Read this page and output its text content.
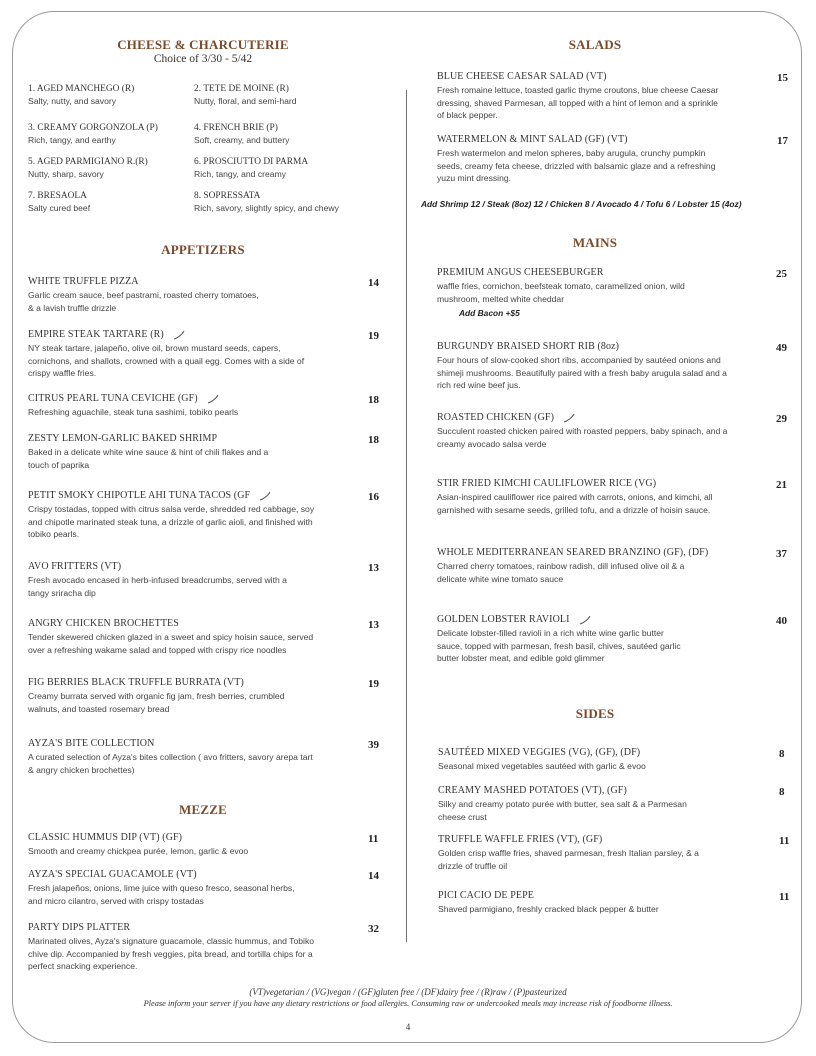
CHEESE & CHARCUTERIE
Choice of 3/30 - 5/42
1. AGED MANCHEGO (R)
Salty, nutty, and savory
2. TETE DE MOINE (R)
Nutty, floral, and semi-hard
3. CREAMY GORGONZOLA (P)
Rich, tangy, and earthy
4. FRENCH BRIE (P)
Soft, creamy, and buttery
5. AGED PARMIGIANO R.(R)
Nutty, sharp, savory
6. PROSCIUTTO DI PARMA
Rich, tangy, and creamy
7. BRESAOLA
Salty cured beef
8. SOPRESSATA
Rich, savory, slightly spicy, and chewy
APPETIZERS
WHITE TRUFFLE PIZZA
Garlic cream sauce, beef pastrami, roasted cherry tomatoes,
& a lavish truffle drizzle
14
EMPIRE STEAK TARTARE (R)
NY steak tartare, jalapeño, olive oil, brown mustard seeds, capers,
cornichons, and shallots, crowned with a quail egg. Comes with a side of
crispy waffle fries.
19
CITRUS PEARL TUNA CEVICHE (GF)
Refreshing aguachile, steak tuna sashimi, tobiko pearls
18
ZESTY LEMON-GARLIC BAKED SHRIMP
Baked in a delicate white wine sauce & hint of chili flakes and a
touch of paprika
18
PETIT SMOKY CHIPOTLE AHI TUNA TACOS (GF
Crispy tostadas, topped with citrus salsa verde, shredded red cabbage, soy
and chipotle marinated steak tuna, a drizzle of garlic aioli, and finished with
tobiko pearls.
16
AVO FRITTERS (VT)
Fresh avocado encased in herb-infused breadcrumbs, served with a
tangy sriracha dip
13
ANGRY CHICKEN BROCHETTES
Tender skewered chicken glazed in a sweet and spicy hoisin sauce, served
over a refreshing wakame salad and topped with crispy rice noodles
13
FIG BERRIES BLACK TRUFFLE BURRATA (VT)
Creamy burrata served with organic fig jam, fresh berries, crumbled
walnuts, and toasted rosemary bread
19
AYZA'S BITE COLLECTION
A curated selection of Ayza's bites collection ( avo fritters, savory arepa tart
& angry chicken brochettes)
39
MEZZE
CLASSIC HUMMUS DIP (VT) (GF)
Smooth and creamy chickpea purée, lemon, garlic & evoo
11
AYZA'S SPECIAL GUACAMOLE (VT)
Fresh jalapeños, onions, lime juice with queso fresco, seasonal herbs,
and micro cilantro, served with crispy tostadas
14
PARTY DIPS PLATTER
Marinated olives, Ayza's signature guacamole, classic hummus, and Tobiko
chive dip. Accompanied by fresh veggies, pita bread, and tortilla chips for a
perfect snacking experience.
32
SALADS
BLUE CHEESE CAESAR SALAD (VT)
Fresh romaine lettuce, toasted garlic thyme croutons, blue cheese Caesar
dressing, shaved Parmesan, all topped with a hint of lemon and a sprinkle
of black pepper.
15
WATERMELON & MINT SALAD (GF) (VT)
Fresh watermelon and melon spheres, baby arugula, crunchy pumpkin
seeds, creamy feta cheese, drizzled with balsamic glaze and a refreshing
yuzu mint dressing.
17
Add Shrimp 12 / Steak (8oz) 12 / Chicken 8 / Avocado 4 / Tofu 6 / Lobster 15 (4oz)
MAINS
PREMIUM ANGUS CHEESEBURGER
waffle fries, cornichon, beefsteak tomato, caramelized onion, wild
mushroom, melted white cheddar
25
BURGUNDY BRAISED SHORT RIB (8oz)
Four hours of slow-cooked short ribs, accompanied by sautéed onions and
shimeji mushrooms. Beautifully paired with a fresh baby arugula salad and a
rich red wine beef jus.
49
ROASTED CHICKEN (GF)
Succulent roasted chicken paired with roasted peppers, baby spinach, and a
creamy avocado salsa verde
29
STIR FRIED KIMCHI CAULIFLOWER RICE (VG)
Asian-inspired cauliflower rice paired with carrots, onions, and kimchi, all
garnished with sesame seeds, grilled tofu, and a drizzle of hoisin sauce.
21
WHOLE MEDITERRANEAN SEARED BRANZINO (GF), (DF)
Charred cherry tomatoes, rainbow radish, dill infused olive oil & a
delicate white wine tomato sauce
37
GOLDEN LOBSTER RAVIOLI
Delicate lobster-filled ravioli in a rich white wine garlic butter
sauce, topped with parmesan, fresh basil, chives, sautéed garlic
butter lobster meat, and edible gold glimmer
40
Add Bacon +$5
SIDES
SAUTÉED MIXED VEGGIES (VG), (GF), (DF)
Seasonal mixed vegetables sautéed with garlic & evoo
8
CREAMY MASHED POTATOES (VT), (GF)
Silky and creamy potato purée with butter, sea salt & a Parmesan
cheese crust
8
TRUFFLE WAFFLE FRIES (VT), (GF)
Golden crisp waffle fries, shaved parmesan, fresh Italian parsley, & a
drizzle of truffle oil
11
PICI CACIO DE PEPE
Shaved parmigiano, freshly cracked black pepper & butter
11
(VT)vegetarian / (VG)vegan / (GF)gluten free / (DF)dairy free / (R)raw / (P)pasteurized
Please inform your server if you have any dietary restrictions or food allergies. Consuming raw or undercooked meals may increase risk of foodborne illness.
4
